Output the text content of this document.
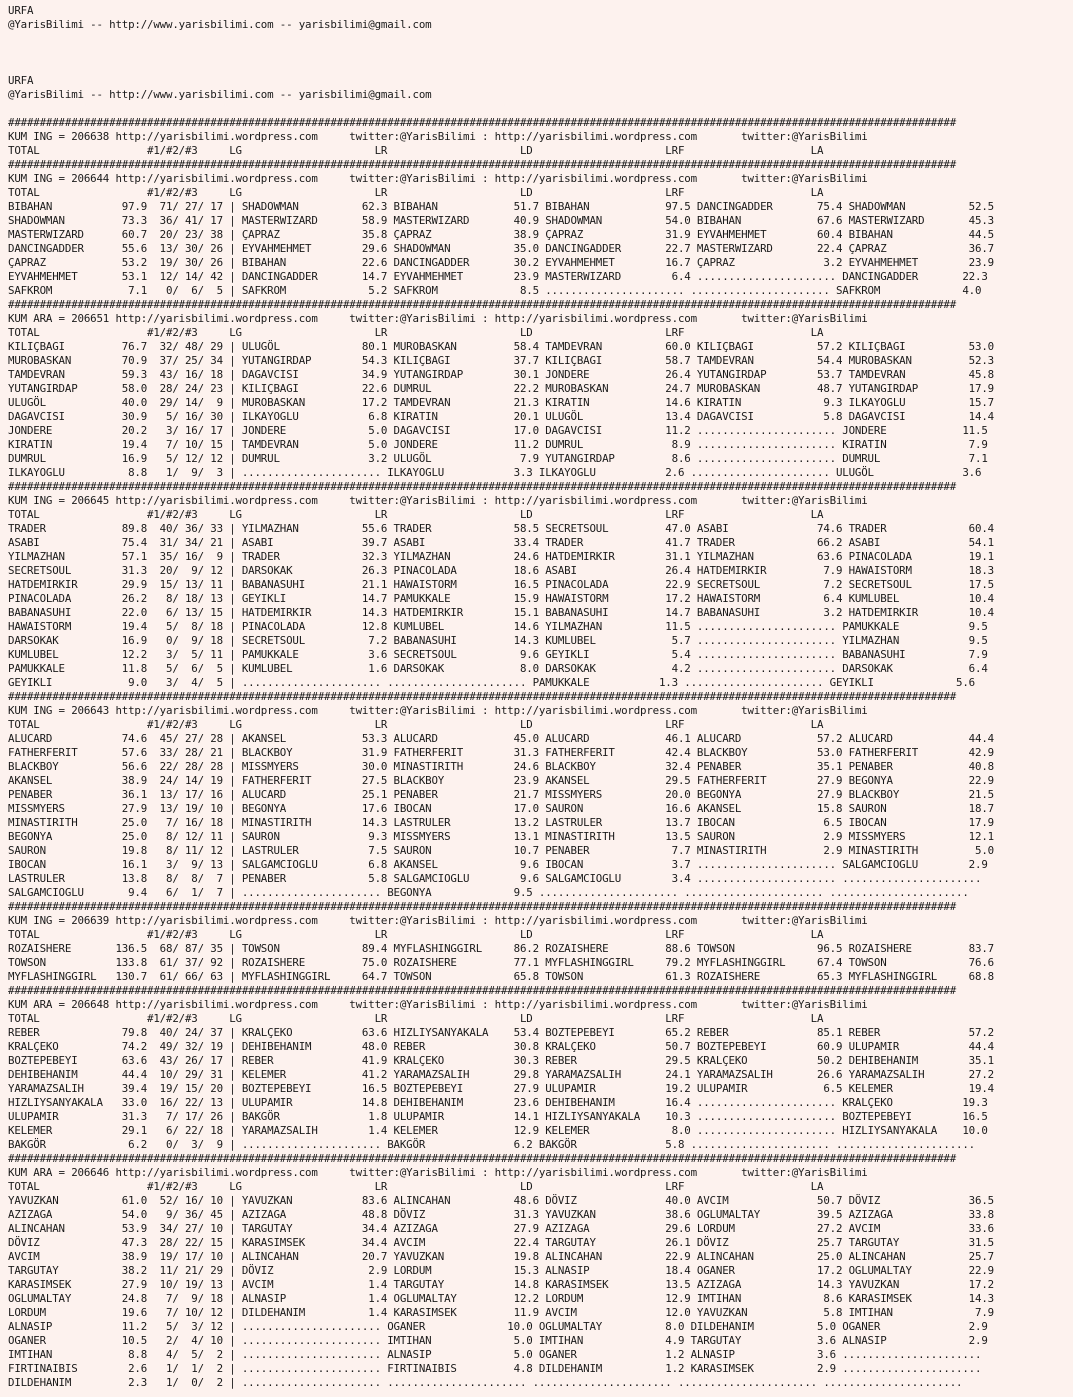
URFA
@YarisBilimi -- http://www.yarisbilimi.com -- yarisbilimi@gmail.com

URFA
@YarisBilimi -- http://www.yarisbilimi.com -- yarisbilimi@gmail.com

######################################################################################################################################################
KUM ING = 206638 http://yarisbilimi.wordpress.com     twitter:@YarisBilimi : http://yarisbilimi.wordpress.com       twitter:@YarisBilimi
TOTAL                 #1/#2/#3     LG                     LR                     LD                     LRF                    LA
######################################################################################################################################################
KUM ING = 206644 http://yarisbilimi.wordpress.com     twitter:@YarisBilimi : http://yarisbilimi.wordpress.com       twitter:@YarisBilimi
TOTAL                 #1/#2/#3     LG                     LR                     LD                     LRF                    LA
BIBAHAN           97.9  71/ 27/ 17 | SHADOWMAN          62.3 BIBAHAN            51.7 BIBAHAN            97.5 DANCINGADDER       75.4 SHADOWMAN          52.5
SHADOWMAN         73.3  36/ 41/ 17 | MASTERWIZARD       58.9 MASTERWIZARD       40.9 SHADOWMAN          54.0 BIBAHAN            67.6 MASTERWIZARD       45.3
MASTERWIZARD      60.7  20/ 23/ 38 | ÇAPRAZ             35.8 ÇAPRAZ             38.9 ÇAPRAZ             31.9 EYVAHMEHMET        60.4 BIBAHAN            44.5
DANCINGADDER      55.6  13/ 30/ 26 | EYVAHMEHMET        29.6 SHADOWMAN          35.0 DANCINGADDER       22.7 MASTERWIZARD       22.4 ÇAPRAZ             36.7
ÇAPRAZ            53.2  19/ 30/ 26 | BIBAHAN            22.6 DANCINGADDER       30.2 EYVAHMEHMET        16.7 ÇAPRAZ              3.2 EYVAHMEHMET        23.9
EYVAHMEHMET       53.1  12/ 14/ 42 | DANCINGADDER       14.7 EYVAHMEHMET        23.9 MASTERWIZARD        6.4 ...................... DANCINGADDER       22.3
SAFKROM            7.1   0/  6/  5 | SAFKROM             5.2 SAFKROM             8.5 ...................... ...................... SAFKROM             4.0
######################################################################################################################################################
KUM ARA = 206651 http://yarisbilimi.wordpress.com     twitter:@YarisBilimi : http://yarisbilimi.wordpress.com       twitter:@YarisBilimi
TOTAL                 #1/#2/#3     LG                     LR                     LD                     LRF                    LA
KILIÇBAGI         76.7  32/ 48/ 29 | ULUGÖL             80.1 MUROBASKAN         58.4 TAMDEVRAN          60.0 KILIÇBAGI          57.2 KILIÇBAGI          53.0
MUROBASKAN        70.9  37/ 25/ 34 | YUTANGIRDAP        54.3 KILIÇBAGI          37.7 KILIÇBAGI          58.7 TAMDEVRAN          54.4 MUROBASKAN         52.3
TAMDEVRAN         59.3  43/ 16/ 18 | DAGAVCISI          34.9 YUTANGIRDAP        30.1 JONDERE            26.4 YUTANGIRDAP        53.7 TAMDEVRAN          45.8
YUTANGIRDAP       58.0  28/ 24/ 23 | KILIÇBAGI          22.6 DUMRUL             22.2 MUROBASKAN         24.7 MUROBASKAN         48.7 YUTANGIRDAP        17.9
ULUGÖL            40.0  29/ 14/  9 | MUROBASKAN         17.2 TAMDEVRAN          21.3 KIRATIN            14.6 KIRATIN             9.3 ILKAYOGLU          15.7
DAGAVCISI         30.9   5/ 16/ 30 | ILKAYOGLU           6.8 KIRATIN            20.1 ULUGÖL             13.4 DAGAVCISI           5.8 DAGAVCISI          14.4
JONDERE           20.2   3/ 16/ 17 | JONDERE             5.0 DAGAVCISI          17.0 DAGAVCISI          11.2 ...................... JONDERE            11.5
KIRATIN           19.4   7/ 10/ 15 | TAMDEVRAN           5.0 JONDERE            11.2 DUMRUL              8.9 ...................... KIRATIN             7.9
DUMRUL            16.9   5/ 12/ 12 | DUMRUL              3.2 ULUGÖL              7.9 YUTANGIRDAP         8.6 ...................... DUMRUL              7.1
ILKAYOGLU          8.8   1/  9/  3 | ...................... ILKAYOGLU           3.3 ILKAYOGLU           2.6 ...................... ULUGÖL              3.6
######################################################################################################################################################
KUM ING = 206645 http://yarisbilimi.wordpress.com     twitter:@YarisBilimi : http://yarisbilimi.wordpress.com       twitter:@YarisBilimi
TOTAL                 #1/#2/#3     LG                     LR                     LD                     LRF                    LA
TRADER            89.8  40/ 36/ 33 | YILMAZHAN          55.6 TRADER             58.5 SECRETSOUL         47.0 ASABI              74.6 TRADER             60.4
ASABI             75.4  31/ 34/ 21 | ASABI              39.7 ASABI              33.4 TRADER             41.7 TRADER             66.2 ASABI              54.1
YILMAZHAN         57.1  35/ 16/  9 | TRADER             32.3 YILMAZHAN          24.6 HATDEMIRKIR        31.1 YILMAZHAN          63.6 PINACOLADA         19.1
SECRETSOUL        31.3  20/  9/ 12 | DARSOKAK           26.3 PINACOLADA         18.6 ASABI              26.4 HATDEMIRKIR         7.9 HAWAISTORM         18.3
HATDEMIRKIR       29.9  15/ 13/ 11 | BABANASUHI         21.1 HAWAISTORM         16.5 PINACOLADA         22.9 SECRETSOUL          7.2 SECRETSOUL         17.5
PINACOLADA        26.2   8/ 18/ 13 | GEYIKLI            14.7 PAMUKKALE          15.9 HAWAISTORM         17.2 HAWAISTORM          6.4 KUMLUBEL           10.4
BABANASUHI        22.0   6/ 13/ 15 | HATDEMIRKIR        14.3 HATDEMIRKIR        15.1 BABANASUHI         14.7 BABANASUHI          3.2 HATDEMIRKIR        10.4
HAWAISTORM        19.4   5/  8/ 18 | PINACOLADA         12.8 KUMLUBEL           14.6 YILMAZHAN          11.5 ...................... PAMUKKALE           9.5
DARSOKAK          16.9   0/  9/ 18 | SECRETSOUL          7.2 BABANASUHI         14.3 KUMLUBEL            5.7 ...................... YILMAZHAN           9.5
KUMLUBEL          12.2   3/  5/ 11 | PAMUKKALE           3.6 SECRETSOUL          9.6 GEYIKLI             5.4 ...................... BABANASUHI          7.9
PAMUKKALE         11.8   5/  6/  5 | KUMLUBEL            1.6 DARSOKAK            8.0 DARSOKAK            4.2 ...................... DARSOKAK            6.4
GEYIKLI            9.0   3/  4/  5 | ...................... ...................... PAMUKKALE           1.3 ...................... GEYIKLI             5.6
######################################################################################################################################################
KUM ING = 206643 http://yarisbilimi.wordpress.com     twitter:@YarisBilimi : http://yarisbilimi.wordpress.com       twitter:@YarisBilimi
TOTAL                 #1/#2/#3     LG                     LR                     LD                     LRF                    LA
ALUCARD           74.6  45/ 27/ 28 | AKANSEL            53.3 ALUCARD            45.0 ALUCARD            46.1 ALUCARD            57.2 ALUCARD            44.4
FATHERFERIT       57.6  33/ 28/ 21 | BLACKBOY           31.9 FATHERFERIT        31.3 FATHERFERIT        42.4 BLACKBOY           53.0 FATHERFERIT        42.9
BLACKBOY          56.6  22/ 28/ 28 | MISSMYERS          30.0 MINASTIRITH        24.6 BLACKBOY           32.4 PENABER            35.1 PENABER            40.8
AKANSEL           38.9  24/ 14/ 19 | FATHERFERIT        27.5 BLACKBOY           23.9 AKANSEL            29.5 FATHERFERIT        27.9 BEGONYA            22.9
PENABER           36.1  13/ 17/ 16 | ALUCARD            25.1 PENABER            21.7 MISSMYERS          20.0 BEGONYA            27.9 BLACKBOY           21.5
MISSMYERS         27.9  13/ 19/ 10 | BEGONYA            17.6 IBOCAN             17.0 SAURON             16.6 AKANSEL            15.8 SAURON             18.7
MINASTIRITH       25.0   7/ 16/ 18 | MINASTIRITH        14.3 LASTRULER          13.2 LASTRULER          13.7 IBOCAN              6.5 IBOCAN             17.9
BEGONYA           25.0   8/ 12/ 11 | SAURON              9.3 MISSMYERS          13.1 MINASTIRITH        13.5 SAURON              2.9 MISSMYERS          12.1
SAURON            19.8   8/ 11/ 12 | LASTRULER           7.5 SAURON             10.7 PENABER             7.7 MINASTIRITH         2.9 MINASTIRITH         5.0
IBOCAN            16.1   3/  9/ 13 | SALGAMCIOGLU        6.8 AKANSEL             9.6 IBOCAN              3.7 ...................... SALGAMCIOGLU        2.9
LASTRULER         13.8   8/  8/  7 | PENABER             5.8 SALGAMCIOGLU        9.6 SALGAMCIOGLU        3.4 ...................... ......................
SALGAMCIOGLU       9.4   6/  1/  7 | ...................... BEGONYA             9.5 ...................... ...................... ......................
######################################################################################################################################################
KUM ING = 206639 http://yarisbilimi.wordpress.com     twitter:@YarisBilimi : http://yarisbilimi.wordpress.com       twitter:@YarisBilimi
TOTAL                 #1/#2/#3     LG                     LR                     LD                     LRF                    LA
ROZAISHERE       136.5  68/ 87/ 35 | TOWSON             89.4 MYFLASHINGGIRL     86.2 ROZAISHERE         88.6 TOWSON             96.5 ROZAISHERE         83.7
TOWSON           133.8  61/ 37/ 92 | ROZAISHERE         75.0 ROZAISHERE         77.1 MYFLASHINGGIRL     79.2 MYFLASHINGGIRL     67.4 TOWSON             76.6
MYFLASHINGGIRL   130.7  61/ 66/ 63 | MYFLASHINGGIRL     64.7 TOWSON             65.8 TOWSON             61.3 ROZAISHERE         65.3 MYFLASHINGGIRL     68.8
######################################################################################################################################################
KUM ARA = 206648 http://yarisbilimi.wordpress.com     twitter:@YarisBilimi : http://yarisbilimi.wordpress.com       twitter:@YarisBilimi
TOTAL                 #1/#2/#3     LG                     LR                     LD                     LRF                    LA
REBER             79.8  40/ 24/ 37 | KRALÇEKO           63.6 HIZLIYSANYAKALA    53.4 BOZTEPEBEYI        65.2 REBER              85.1 REBER              57.2
KRALÇEKO          74.2  49/ 32/ 19 | DEHIBEHANIM        48.0 REBER              30.8 KRALÇEKO           50.7 BOZTEPEBEYI        60.9 ULUPAMIR           44.4
BOZTEPEBEYI       63.6  43/ 26/ 17 | REBER              41.9 KRALÇEKO           30.3 REBER              29.5 KRALÇEKO           50.2 DEHIBEHANIM        35.1
DEHIBEHANIM       44.4  10/ 29/ 31 | KELEMER            41.2 YARAMAZSALIH       29.8 YARAMAZSALIH       24.1 YARAMAZSALIH       26.6 YARAMAZSALIH       27.2
YARAMAZSALIH      39.4  19/ 15/ 20 | BOZTEPEBEYI        16.5 BOZTEPEBEYI        27.9 ULUPAMIR           19.2 ULUPAMIR            6.5 KELEMER            19.4
HIZLIYSANYAKALA   33.0  16/ 22/ 13 | ULUPAMIR           14.8 DEHIBEHANIM        23.6 DEHIBEHANIM        16.4 ...................... KRALÇEKO           19.3
ULUPAMIR          31.3   7/ 17/ 26 | BAKGÖR              1.8 ULUPAMIR           14.1 HIZLIYSANYAKALA    10.3 ...................... BOZTEPEBEYI        16.5
KELEMER           29.1   6/ 22/ 18 | YARAMAZSALIH        1.4 KELEMER            12.9 KELEMER             8.0 ...................... HIZLIYSANYAKALA    10.0
BAKGÖR             6.2   0/  3/  9 | ...................... BAKGÖR              6.2 BAKGÖR              5.8 ...................... ......................
######################################################################################################################################################
KUM ARA = 206646 http://yarisbilimi.wordpress.com     twitter:@YarisBilimi : http://yarisbilimi.wordpress.com       twitter:@YarisBilimi
TOTAL                 #1/#2/#3     LG                     LR                     LD                     LRF                    LA
YAVUZKAN          61.0  52/ 16/ 10 | YAVUZKAN           83.6 ALINCAHAN          48.6 DÖVIZ              40.0 AVCIM              50.7 DÖVIZ              36.5
AZIZAGA           54.0   9/ 36/ 45 | AZIZAGA            48.8 DÖVIZ              31.3 YAVUZKAN           38.6 OGLUMALTAY         39.5 AZIZAGA            33.8
ALINCAHAN         53.9  34/ 27/ 10 | TARGUTAY           34.4 AZIZAGA            27.9 AZIZAGA            29.6 LORDUM             27.2 AVCIM              33.6
DÖVIZ             47.3  28/ 22/ 15 | KARASIMSEK         34.4 AVCIM              22.4 TARGUTAY           26.1 DÖVIZ              25.7 TARGUTAY           31.5
AVCIM             38.9  19/ 17/ 10 | ALINCAHAN          20.7 YAVUZKAN           19.8 ALINCAHAN          22.9 ALINCAHAN          25.0 ALINCAHAN          25.7
TARGUTAY          38.2  11/ 21/ 29 | DÖVIZ               2.9 LORDUM             15.3 ALNASIP            18.4 OGANER             17.2 OGLUMALTAY         22.9
KARASIMSEK        27.9  10/ 19/ 13 | AVCIM               1.4 TARGUTAY           14.8 KARASIMSEK         13.5 AZIZAGA            14.3 YAVUZKAN           17.2
OGLUMALTAY        24.8   7/  9/ 18 | ALNASIP             1.4 OGLUMALTAY         12.2 LORDUM             12.9 IMTIHAN             8.6 KARASIMSEK         14.3
LORDUM            19.6   7/ 10/ 12 | DILDEHANIM          1.4 KARASIMSEK         11.9 AVCIM              12.0 YAVUZKAN            5.8 IMTIHAN             7.9
ALNASIP           11.2   5/  3/ 12 | ...................... OGANER             10.0 OGLUMALTAY          8.0 DILDEHANIM          5.0 OGANER              2.9
OGANER            10.5   2/  4/ 10 | ...................... IMTIHAN             5.0 IMTIHAN             4.9 TARGUTAY            3.6 ALNASIP             2.9
IMTIHAN            8.8   4/  5/  2 | ...................... ALNASIP             5.0 OGANER              1.2 ALNASIP             3.6 ......................
FIRTINAIBIS        2.6   1/  1/  2 | ...................... FIRTINAIBIS         4.8 DILDEHANIM          1.2 KARASIMSEK          2.9 ......................
DILDEHANIM         2.3   1/  0/  2 | ...................... ...................... ...................... ...................... ......................
